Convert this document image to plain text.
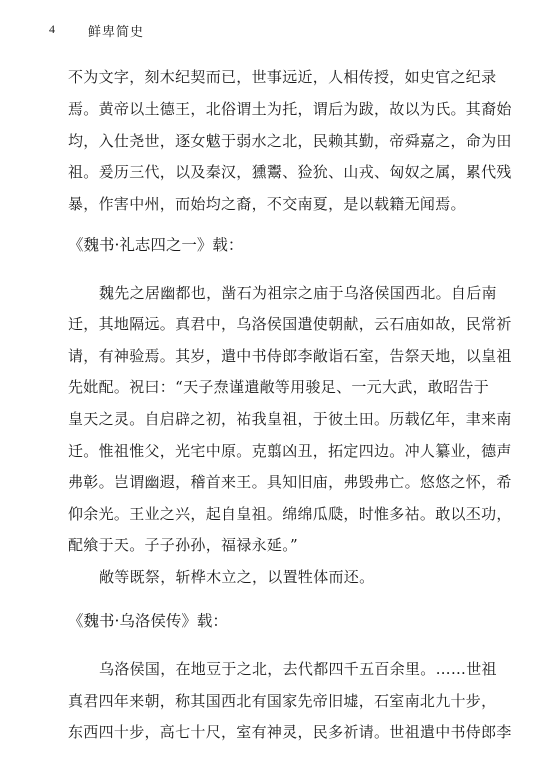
4	鲜卑简史
不为文字，刻木纪契而已，世事远近，人相传授，如史官之纪录
焉。黄帝以土德王，北俗谓土为托，谓后为跋，故以为氏。其裔始
均，入仕尧世，逐女魃于弱水之北，民赖其勤，帝舜嘉之，命为田
祖。爰历三代，以及秦汉，獯鬻、猃狁、山戎、匈奴之属，累代残
暴，作害中州，而始均之裔，不交南夏，是以载籍无闻焉。
《魏书·礼志四之一》载：
魏先之居幽都也，凿石为祖宗之庙于乌洛侯国西北。自后南
迁，其地隔远。真君中，乌洛侯国遣使朝献，云石庙如故，民常祈
请，有神验焉。其岁，遣中书侍郎李敞诣石室，告祭天地，以皇祖
先妣配。祝曰：“天子焘谨遣敞等用骏足、一元大武，敢昭告于
皇天之灵。自启辟之初，祐我皇祖，于彼土田。历载亿年，聿来南
迁。惟祖惟父，光宅中原。克翦凶丑，拓定四边。冲人纂业，德声
弗彰。岂谓幽遐，稽首来王。具知旧庙，弗毁弗亡。悠悠之怀，希
仰余光。王业之兴，起自皇祖。绵绵瓜瓞，时惟多祜。敢以丕功，
配飨于天。子子孙孙，福禄永延。”
敞等既祭，斩桦木立之，以置牲体而还。
《魏书·乌洛侯传》载：
乌洛侯国，在地豆于之北，去代都四千五百余里。……世祖
真君四年来朝，称其国西北有国家先帝旧墟，石室南北九十步，
东西四十步，高七十尺，室有神灵，民多祈请。世祖遣中书侍郎李
